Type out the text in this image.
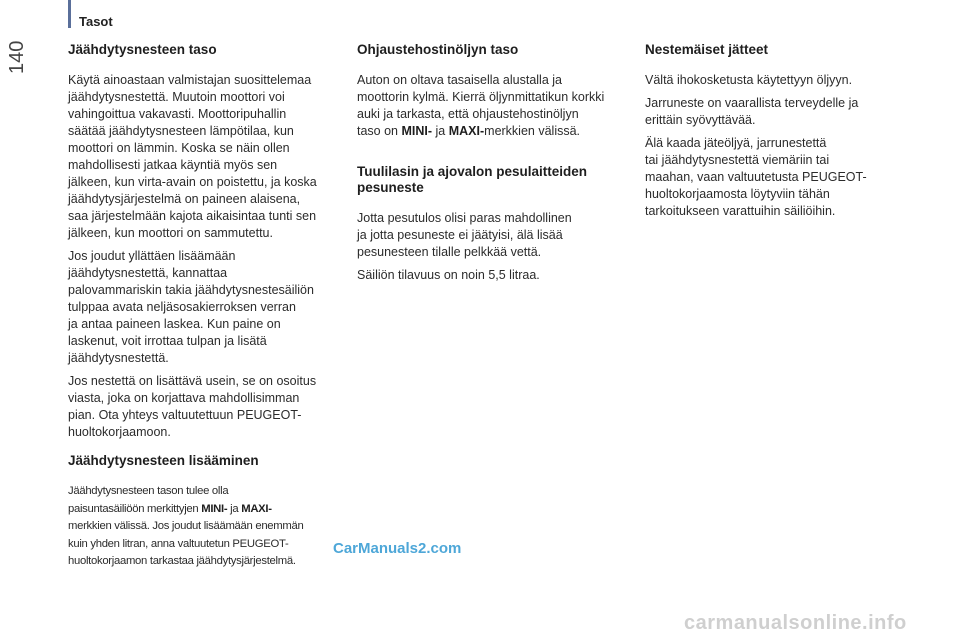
Tasot
140	Jäähdytysnesteen taso

Käytä ainoastaan valmistajan suosittelemaa
jäähdytysnestettä. Muutoin moottori voi
vahingoittua vakavasti. Moottoripuhallin
säätää jäähdytysnesteen lämpötilaa, kun
moottori on lämmin. Koska se näin ollen
mahdollisesti jatkaa käyntiä myös sen
jälkeen, kun virta-avain on poistettu, ja koska
jäähdytysjärjestelmä on paineen alaisena,
saa järjestelmään kajota aikaisintaa tunti sen
jälkeen, kun moottori on sammutettu.

Jos joudut yllättäen lisäämään
jäähdytysnestettä, kannattaa
palovammariskin takia jäähdytysnestesäiliön
tulppaa avata neljäsosakierroksen verran
ja antaa paineen laskea. Kun paine on
laskenut, voit irrottaa tulpan ja lisätä
jäähdytysnestettä.

Jos nestettä on lisättävä usein, se on osoitus
viasta, joka on korjattava mahdollisimman
pian. Ota yhteys valtuutettuun PEUGEOT-
huoltokorjaamoon.

Jäähdytysnesteen lisääminen

Jäähdytysnesteen tason tulee olla
paisuntasäiliöön merkittyjen MINI- ja MAXI-
merkkien välissä. Jos joudut lisäämään enemmän
kuin yhden litran, anna valtuutetun PEUGEOT-
huoltokorjaamon tarkastaa jäähdytysjärjestelmä.

Ohjaustehostinöljyn taso

Auton on oltava tasaisella alustalla ja
moottorin kylmä. Kierrä öljynmittatikun korkki
auki ja tarkasta, että ohjaustehostinöljyn
taso on MINI- ja MAXI-merkkien välissä.

Tuulilasin ja ajovalon pesulaitteiden
pesuneste

Jotta pesutulos olisi paras mahdollinen
ja jotta pesuneste ei jäätyisi, älä lisää
pesunesteen tilalle pelkkää vettä.

Säiliön tilavuus on noin 5,5 litraa.

Nestemäiset jätteet

Vältä ihokosketusta käytettyyn öljyyn.

Jarruneste on vaarallista terveydelle ja
erittäin syövyttävää.

Älä kaada jäteöljyä, jarrunestettä
tai jäähdytysnestettä viemäriin tai
maahan, vaan valtuutetusta PEUGEOT-
huoltokorjaamosta löytyviin tähän
tarkoitukseen varattuihin säiliöihin.

CarManuals2.com
carmanualsonline.info
